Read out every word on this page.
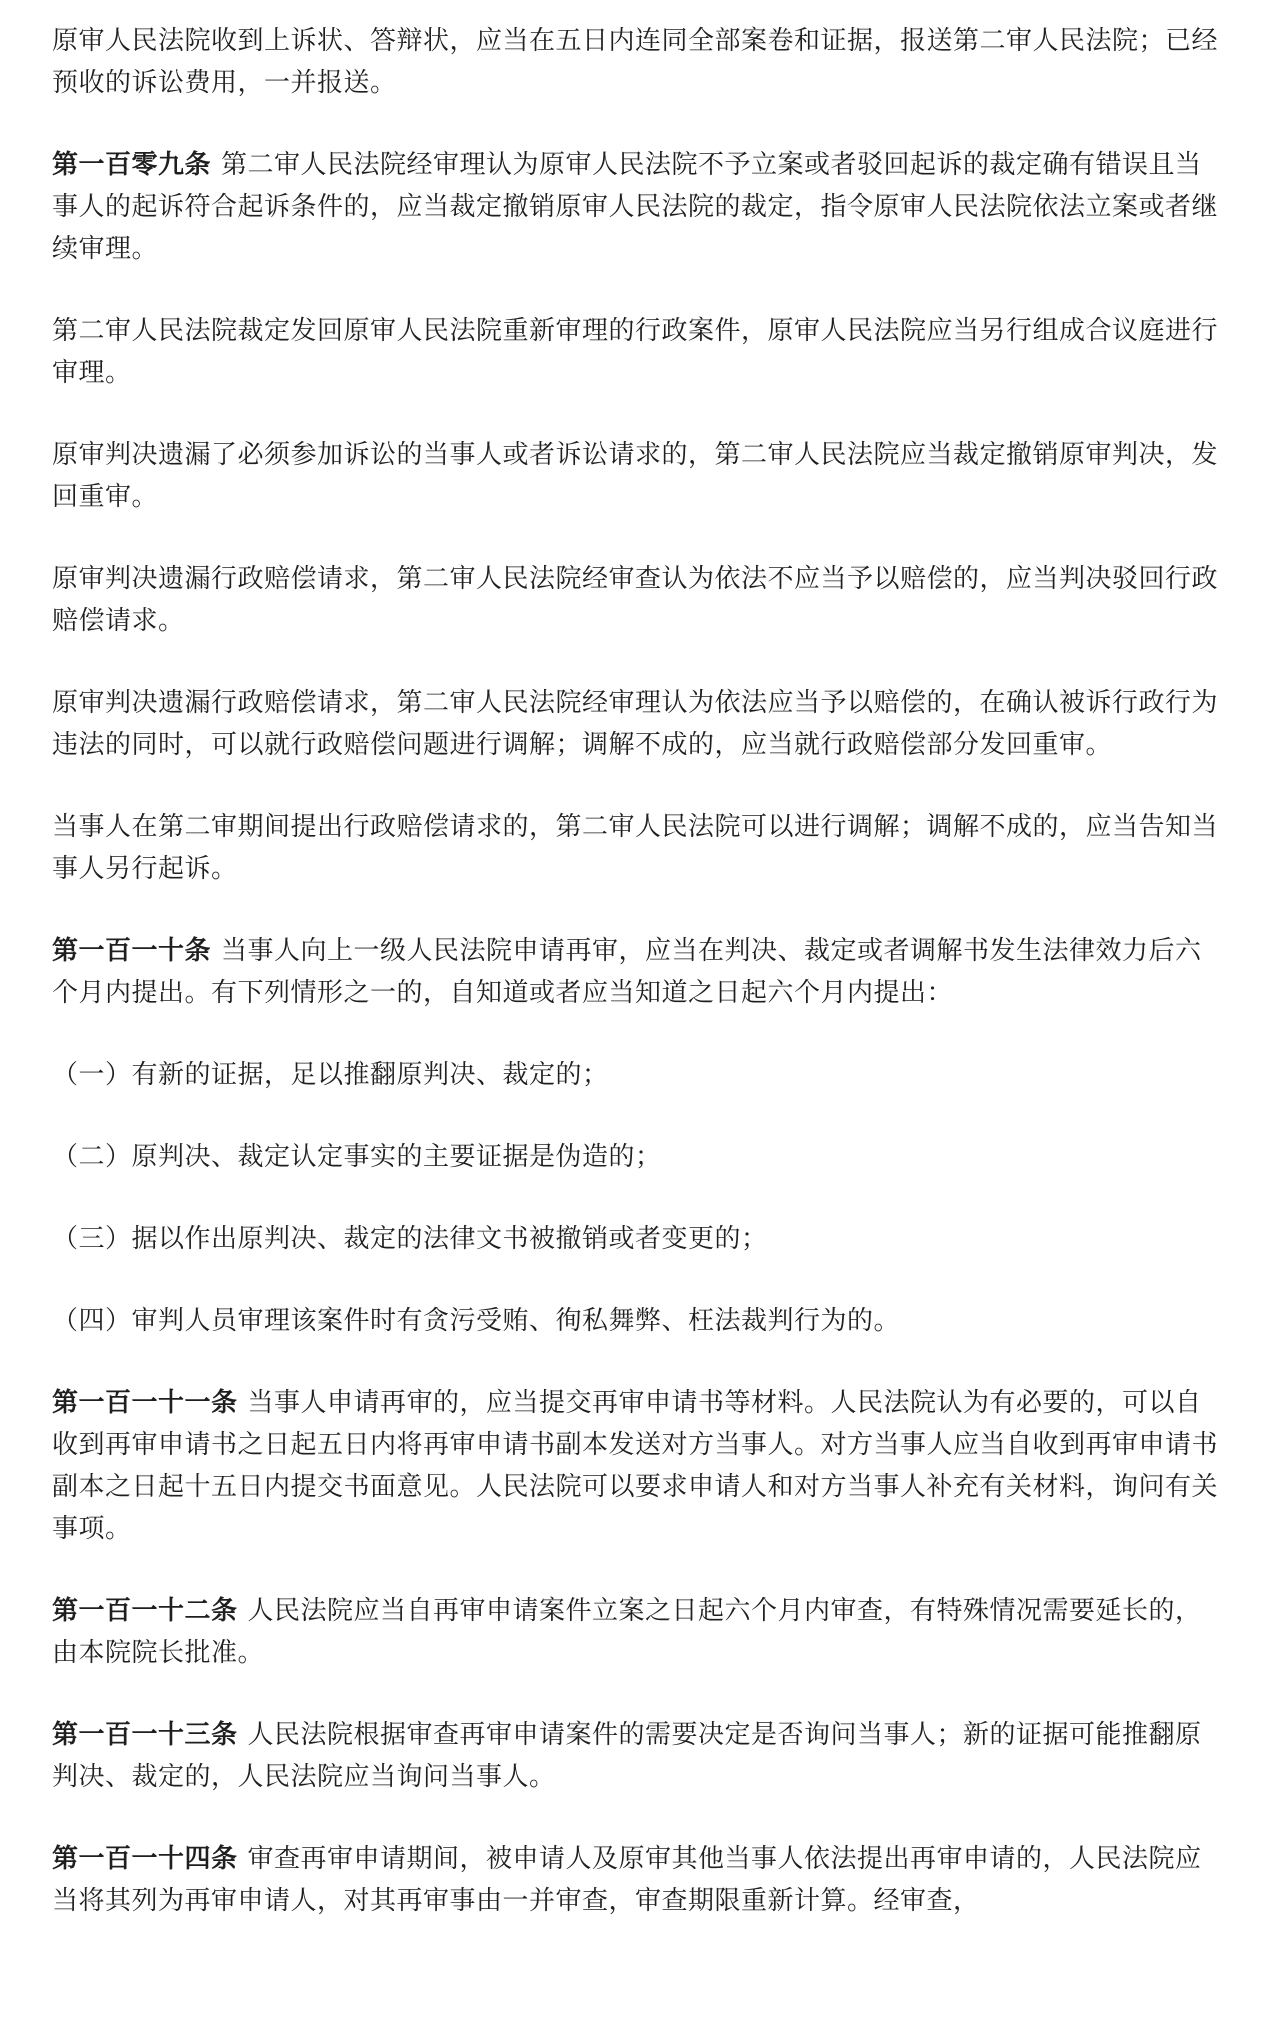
原审人民法院收到上诉状、答辩状，应当在五日内连同全部案卷和证据，报送第二审人民法院；已经预收的诉讼费用，一并报送。

第一百零九条 第二审人民法院经审理认为原审人民法院不予立案或者驳回起诉的裁定确有错误且当事人的起诉符合起诉条件的，应当裁定撤销原审人民法院的裁定，指令原审人民法院依法立案或者继续审理。

第二审人民法院裁定发回原审人民法院重新审理的行政案件，原审人民法院应当另行组成合议庭进行审理。

原审判决遗漏了必须参加诉讼的当事人或者诉讼请求的，第二审人民法院应当裁定撤销原审判决，发回重审。

原审判决遗漏行政赔偿请求，第二审人民法院经审查认为依法不应当予以赔偿的，应当判决驳回行政赔偿请求。

原审判决遗漏行政赔偿请求，第二审人民法院经审理认为依法应当予以赔偿的，在确认被诉行政行为违法的同时，可以就行政赔偿问题进行调解；调解不成的，应当就行政赔偿部分发回重审。

当事人在第二审期间提出行政赔偿请求的，第二审人民法院可以进行调解；调解不成的，应当告知当事人另行起诉。

第一百一十条 当事人向上一级人民法院申请再审，应当在判决、裁定或者调解书发生法律效力后六个月内提出。有下列情形之一的，自知道或者应当知道之日起六个月内提出：

（一）有新的证据，足以推翻原判决、裁定的；

（二）原判决、裁定认定事实的主要证据是伪造的；

（三）据以作出原判决、裁定的法律文书被撤销或者变更的；

（四）审判人员审理该案件时有贪污受贿、徇私舞弊、枉法裁判行为的。

第一百一十一条 当事人申请再审的，应当提交再审申请书等材料。人民法院认为有必要的，可以自收到再审申请书之日起五日内将再审申请书副本发送对方当事人。对方当事人应当自收到再审申请书副本之日起十五日内提交书面意见。人民法院可以要求申请人和对方当事人补充有关材料，询问有关事项。

第一百一十二条 人民法院应当自再审申请案件立案之日起六个月内审查，有特殊情况需要延长的，由本院院长批准。

第一百一十三条 人民法院根据审查再审申请案件的需要决定是否询问当事人；新的证据可能推翻原判决、裁定的，人民法院应当询问当事人。

第一百一十四条 审查再审申请期间，被申请人及原审其他当事人依法提出再审申请的，人民法院应当将其列为再审申请人，对其再审事由一并审查，审查期限重新计算。经审查，
